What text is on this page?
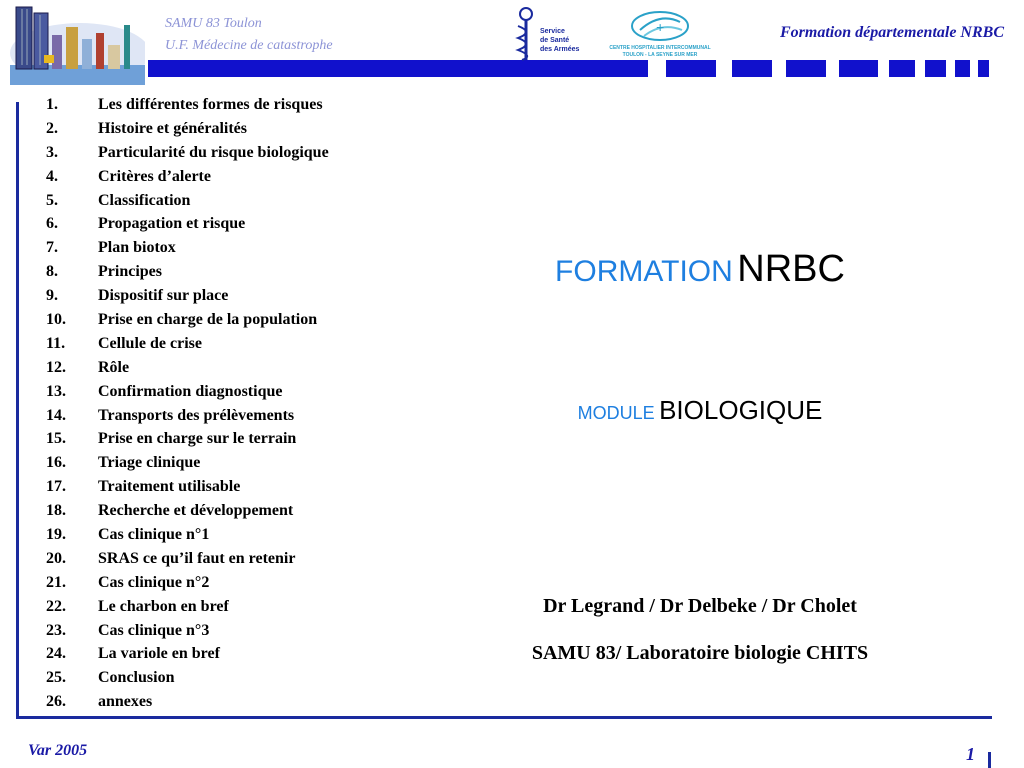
SAMU 83 Toulon
U.F. Médecine de catastrophe
Service
de Santé
des Armées
+
CENTRE HOSPITALIER INTERCOMMUNAL
TOULON - LA SEYNE SUR MER
Formation départementale NRBC
1.	Les différentes formes de risques
2.	Histoire et généralités
3.	Particularité du risque biologique
4.	Critères d’alerte
5.	Classification
6.	Propagation et risque
7.	Plan biotox
8.	Principes
9.	Dispositif sur place
10. Prise en charge de la population
11. Cellule de crise
12. Rôle
13. Confirmation diagnostique
14. Transports des prélèvements
15. Prise en charge sur le terrain
16. Triage clinique
17. Traitement utilisable
18. Recherche et développement
19. Cas clinique n°1
20. SRAS ce qu’il faut en retenir
21. Cas clinique n°2
22. Le charbon en bref
23. Cas clinique n°3
24. La variole en bref
25. Conclusion
26. annexes
FORMATION NRBC
MODULE BIOLOGIQUE
Dr Legrand / Dr Delbeke / Dr Cholet
SAMU 83/ Laboratoire biologie CHITS
Var 2005	1
